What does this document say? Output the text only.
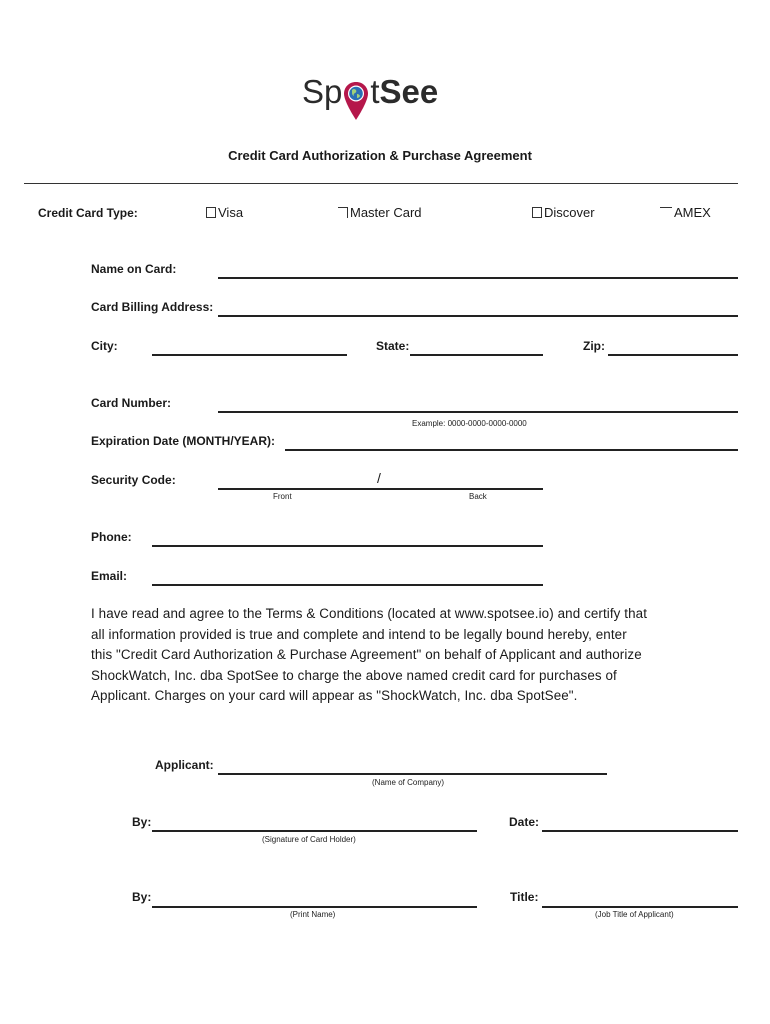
Sp t See
Credit Card Authorization & Purchase Agreement
Credit Card Type:	Visa	Master Card	Discover	AMEX
Name on Card:
Card Billing Address:
City:	State:	Zip:
Card Number:
Example: 0000-0000-0000-0000
Expiration Date (MONTH/YEAR):
Security Code:	/
Front	Back
Phone:
Email:

I have read and agree to the Terms & Conditions (located at www.spotsee.io) and certify that

all information provided is true and complete and intend to be legally bound hereby, enter

this "Credit Card Authorization & Purchase Agreement" on behalf of Applicant and authorize

ShockWatch, Inc. dba SpotSee to charge the above named credit card for purchases of

Applicant. Charges on your card will appear as "ShockWatch, Inc. dba SpotSee".

Applicant:
(Name of Company)
By:
(Signature of Card Holder)
Date:
By:
(Print Name)
Title:
(Job Title of Applicant)
